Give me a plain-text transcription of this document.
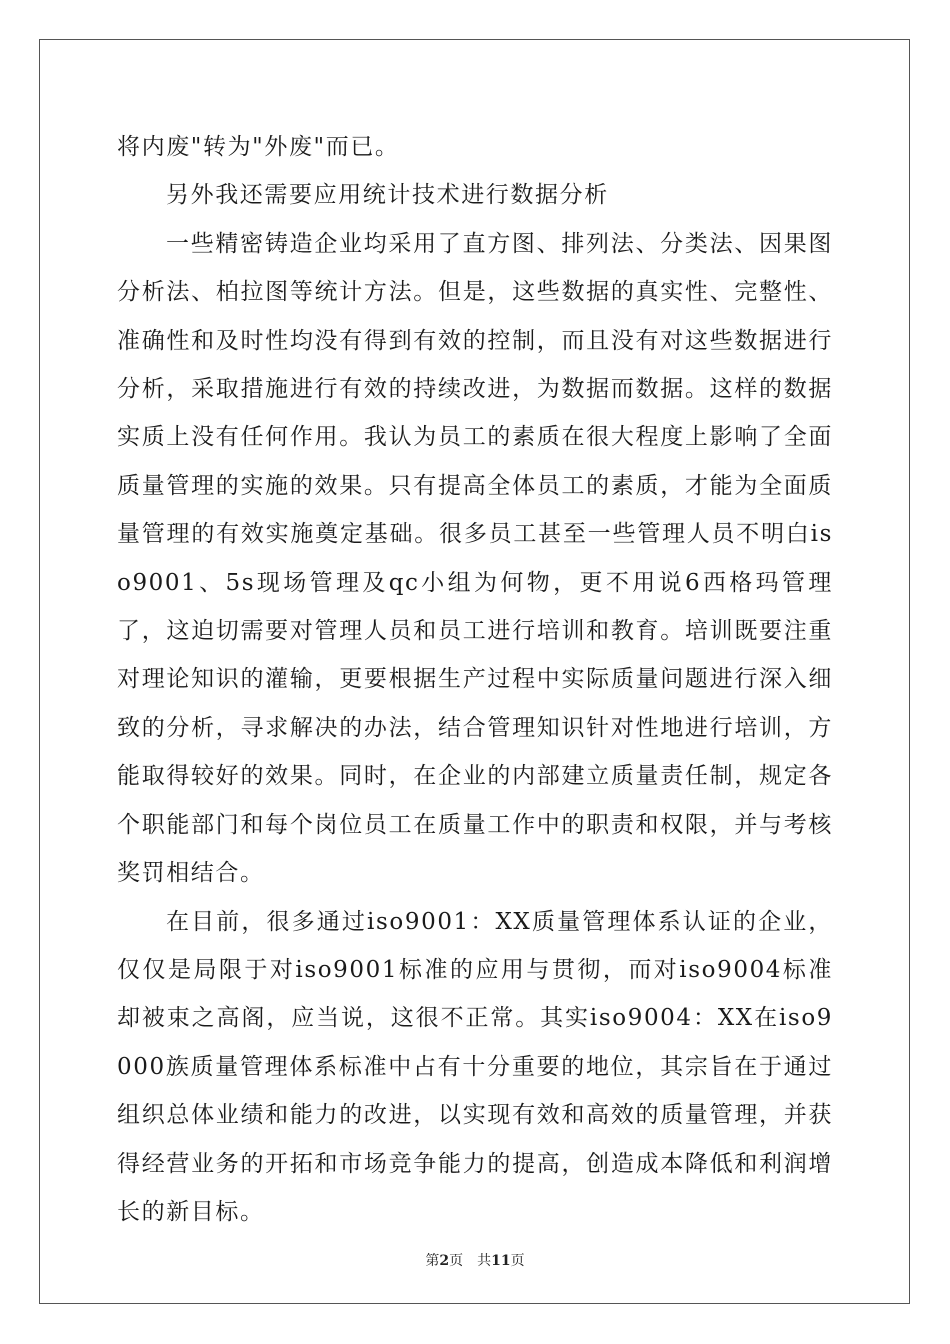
将内废"转为"外废"而已。

另外我还需要应用统计技术进行数据分析

一些精密铸造企业均采用了直方图、排列法、分类法、因果图分析法、柏拉图等统计方法。但是，这些数据的真实性、完整性、准确性和及时性均没有得到有效的控制，而且没有对这些数据进行分析，采取措施进行有效的持续改进，为数据而数据。这样的数据实质上没有任何作用。我认为员工的素质在很大程度上影响了全面质量管理的实施的效果。只有提高全体员工的素质，才能为全面质量管理的有效实施奠定基础。很多员工甚至一些管理人员不明白iso9001、5s现场管理及qc小组为何物，更不用说6西格玛管理了，这迫切需要对管理人员和员工进行培训和教育。培训既要注重对理论知识的灌输，更要根据生产过程中实际质量问题进行深入细致的分析，寻求解决的办法，结合管理知识针对性地进行培训，方能取得较好的效果。同时，在企业的内部建立质量责任制，规定各个职能部门和每个岗位员工在质量工作中的职责和权限，并与考核奖罚相结合。

在目前，很多通过iso9001：XX质量管理体系认证的企业，仅仅是局限于对iso9001标准的应用与贯彻，而对iso9004标准却被束之高阁，应当说，这很不正常。其实iso9004：XX在iso9000族质量管理体系标准中占有十分重要的地位，其宗旨在于通过组织总体业绩和能力的改进，以实现有效和高效的质量管理，并获得经营业务的开拓和市场竞争能力的提高，创造成本降低和利润增长的新目标。

第2页 共11页
